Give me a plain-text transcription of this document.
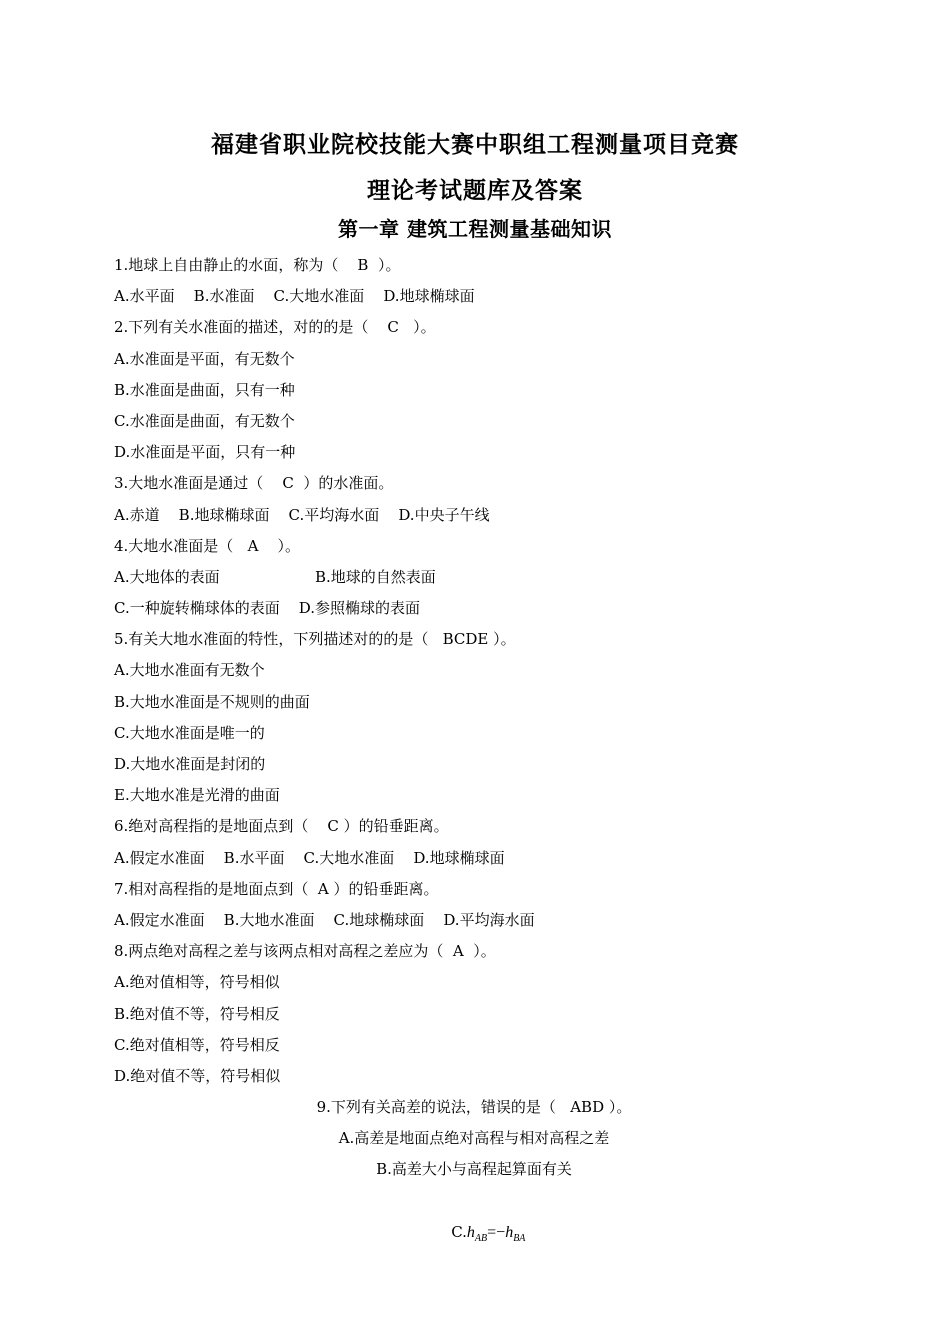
福建省职业院校技能大赛中职组工程测量项目竞赛
理论考试题库及答案
第一章 建筑工程测量基础知识
1.地球上自由静止的水面，称为（    B  ）。
A.水平面    B.水准面    C.大地水准面    D.地球椭球面
2.下列有关水准面的描述，对的的是（    C   ）。
A.水准面是平面，有无数个
B.水准面是曲面，只有一种
C.水准面是曲面，有无数个
D.水准面是平面，只有一种
3.大地水准面是通过（    C  ）的水准面。
A.赤道    B.地球椭球面    C.平均海水面    D.中央子午线
4.大地水准面是（   A    ）。
A.大地体的表面                    B.地球的自然表面
C.一种旋转椭球体的表面    D.参照椭球的表面
5.有关大地水准面的特性，下列描述对的的是（   BCDE ）。
A.大地水准面有无数个
B.大地水准面是不规则的曲面
C.大地水准面是唯一的
D.大地水准面是封闭的
E.大地水准是光滑的曲面
6.绝对高程指的是地面点到（    C ）的铅垂距离。
A.假定水准面    B.水平面    C.大地水准面    D.地球椭球面
7.相对高程指的是地面点到（  A ）的铅垂距离。
A.假定水准面    B.大地水准面    C.地球椭球面    D.平均海水面
8.两点绝对高程之差与该两点相对高程之差应为（  A  ）。
A.绝对值相等，符号相似
B.绝对值不等，符号相反
C.绝对值相等，符号相反
D.绝对值不等，符号相似
9.下列有关高差的说法，错误的是（   ABD ）。
A.高差是地面点绝对高程与相对高程之差
B.高差大小与高程起算面有关

$C.h_{AB}=-h_{BA}$
